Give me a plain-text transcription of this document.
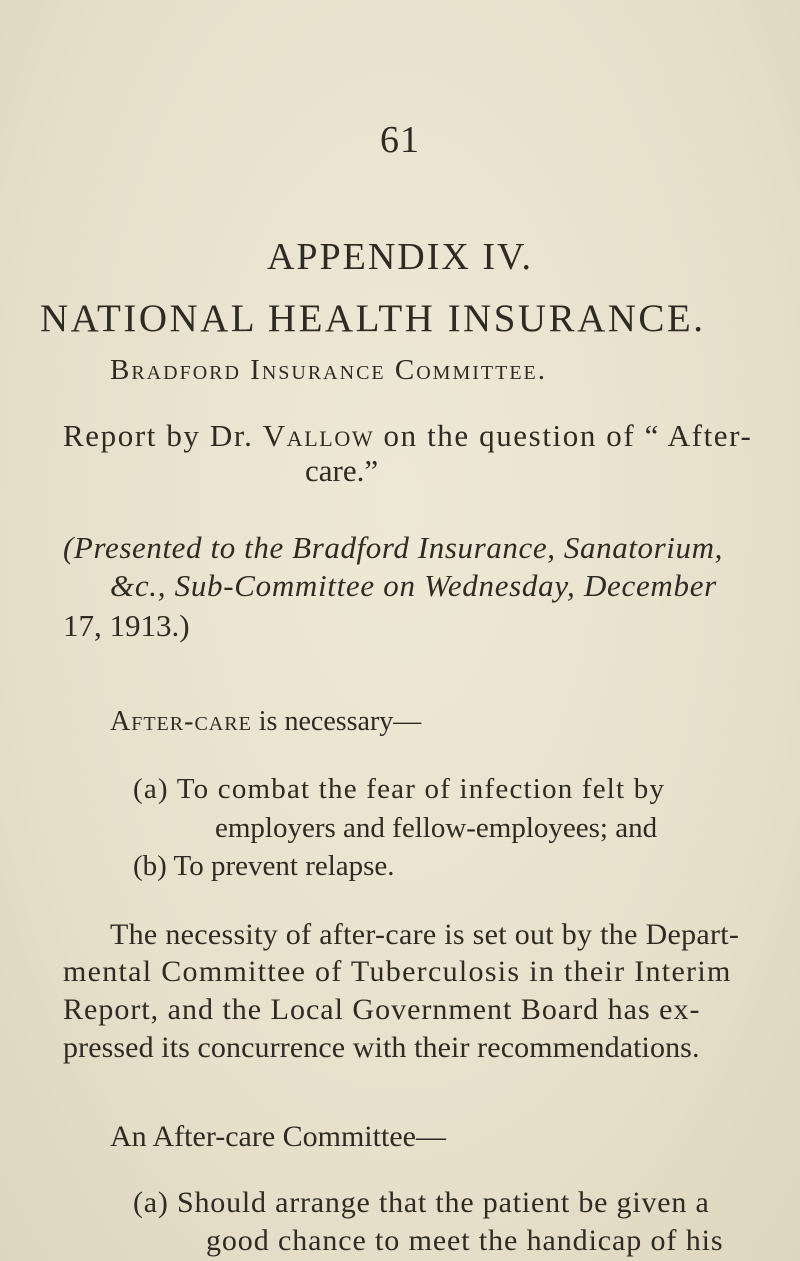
61
APPENDIX IV.
NATIONAL HEALTH INSURANCE.
Bradford Insurance Committee.
Report by Dr. Vallow on the question of “ After-
care.”
(Presented to the Bradford Insurance, Sanatorium,
&c., Sub-Committee on Wednesday, December
17, 1913.)
After-care is necessary—
(a) To combat the fear of infection felt by
employers and fellow-employees; and
(b) To prevent relapse.
The necessity of after-care is set out by the Depart-
mental Committee of Tuberculosis in their Interim
Report, and the Local Government Board has ex-
pressed its concurrence with their recommendations.
An After-care Committee—
(a) Should arrange that the patient be given a
good chance to meet the handicap of his
